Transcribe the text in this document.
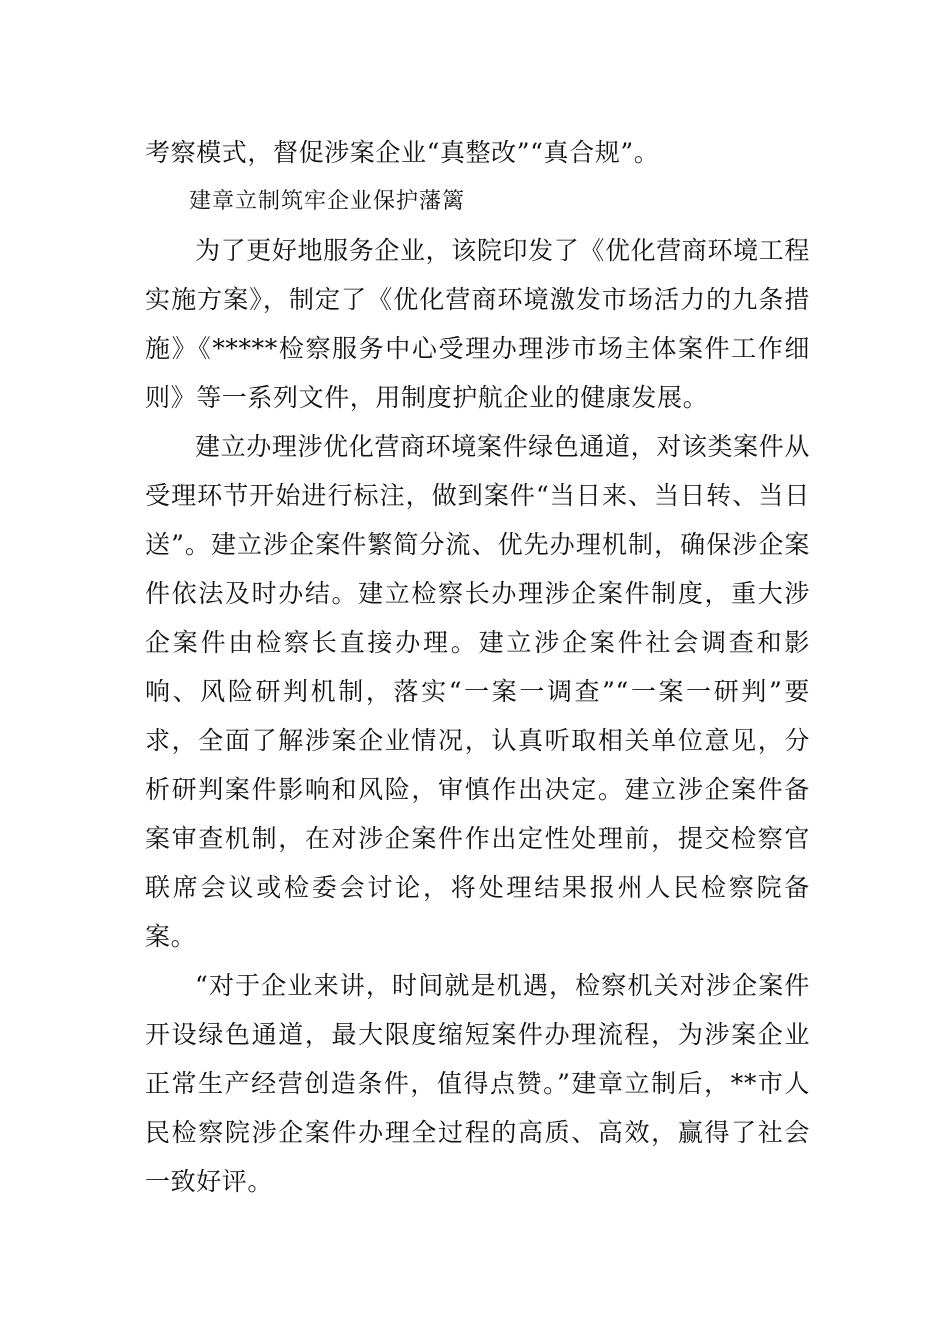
考察模式，督促涉案企业“真整改”“真合规”。

建章立制筑牢企业保护藩篱

为了更好地服务企业，该院印发了《优化营商环境工程实施方案》，制定了《优化营商环境激发市场活力的九条措施》《*****检察服务中心受理办理涉市场主体案件工作细则》等一系列文件，用制度护航企业的健康发展。

建立办理涉优化营商环境案件绿色通道，对该类案件从受理环节开始进行标注，做到案件“当日来、当日转、当日送”。建立涉企案件繁简分流、优先办理机制，确保涉企案件依法及时办结。建立检察长办理涉企案件制度，重大涉企案件由检察长直接办理。建立涉企案件社会调查和影响、风险研判机制，落实“一案一调查”“一案一研判”要求，全面了解涉案企业情况，认真听取相关单位意见，分析研判案件影响和风险，审慎作出决定。建立涉企案件备案审查机制，在对涉企案件作出定性处理前，提交检察官联席会议或检委会讨论，将处理结果报州人民检察院备案。

“对于企业来讲，时间就是机遇，检察机关对涉企案件开设绿色通道，最大限度缩短案件办理流程，为涉案企业正常生产经营创造条件，值得点赞。”建章立制后，**市人民检察院涉企案件办理全过程的高质、高效，赢得了社会一致好评。
